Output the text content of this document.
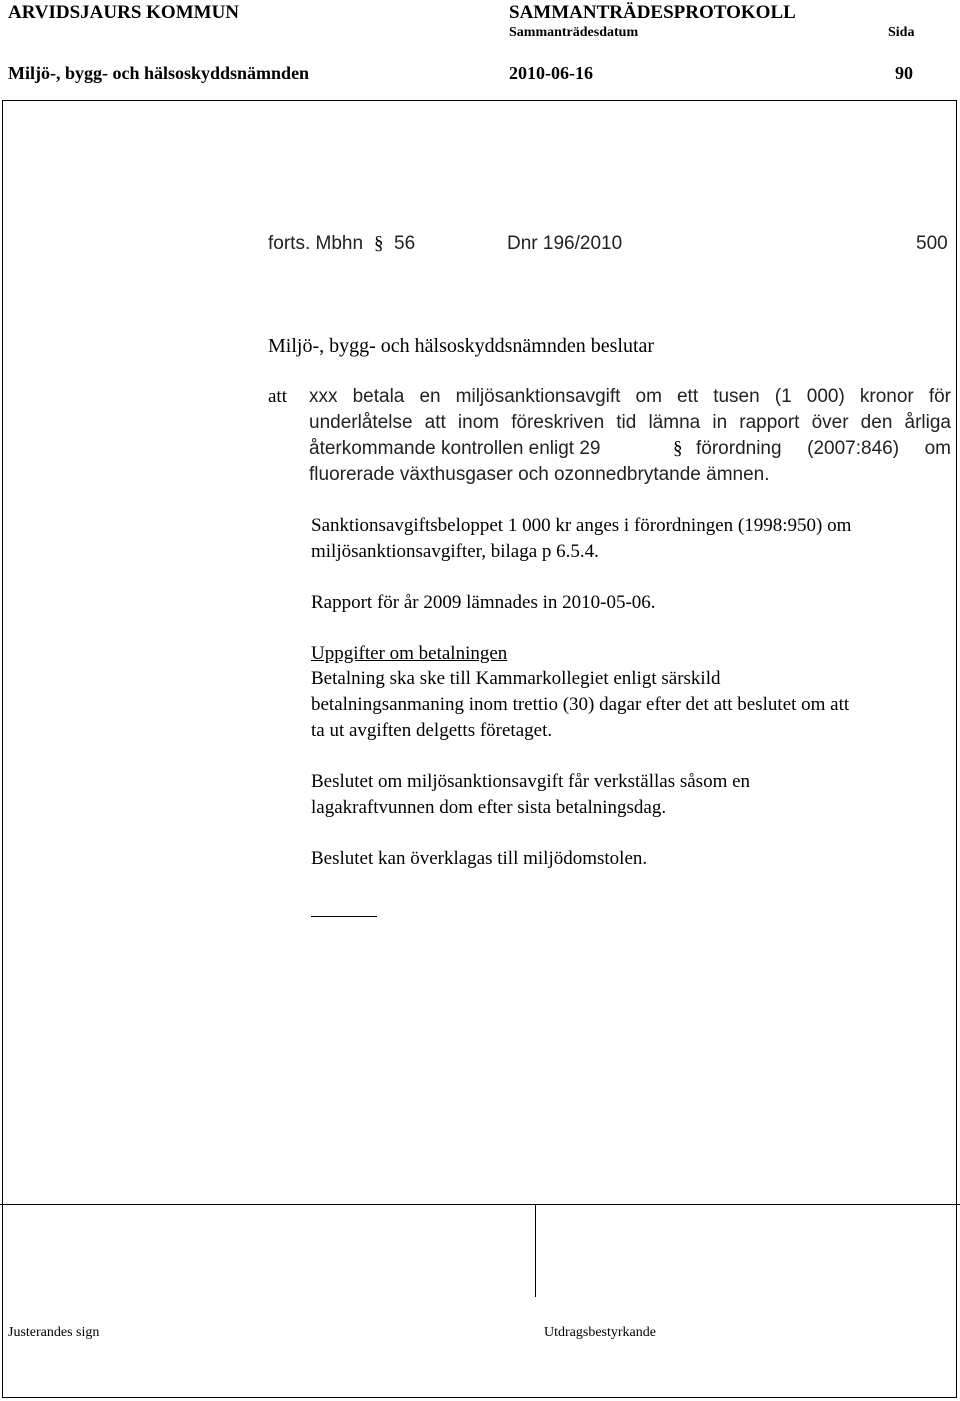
ARVIDSJAURS KOMMUN	SAMMANTRÄDESPROTOKOLL
Sammanträdesdatum	Sida
Miljö-, bygg- och hälsoskyddsnämnden	2010-06-16	90
forts. Mbhn § 56	Dnr 196/2010	500
Miljö-, bygg- och hälsoskyddsnämnden beslutar
att xxx betala en miljösanktionsavgift om ett tusen (1 000) kronor för
underlåtelse att inom föreskriven tid lämna in rapport över den årliga
återkommande kontrollen enligt 29	§ förordning (2007:846) om
fluorerade växthusgaser och ozonnedbrytande ämnen.
Sanktionsavgiftsbeloppet 1 000 kr anges i förordningen (1998:950) om
miljösanktionsavgifter, bilaga p 6.5.4.
Rapport för år 2009 lämnades in 2010-05-06.
Uppgifter om betalningen
Betalning ska ske till Kammarkollegiet enligt särskild
betalningsanmaning inom trettio (30) dagar efter det att beslutet om att
ta ut avgiften delgetts företaget.
Beslutet om miljösanktionsavgift får verkställas såsom en
lagakraftvunnen dom efter sista betalningsdag.
Beslutet kan överklagas till miljödomstolen.
Justerandes sign	Utdragsbestyrkande
